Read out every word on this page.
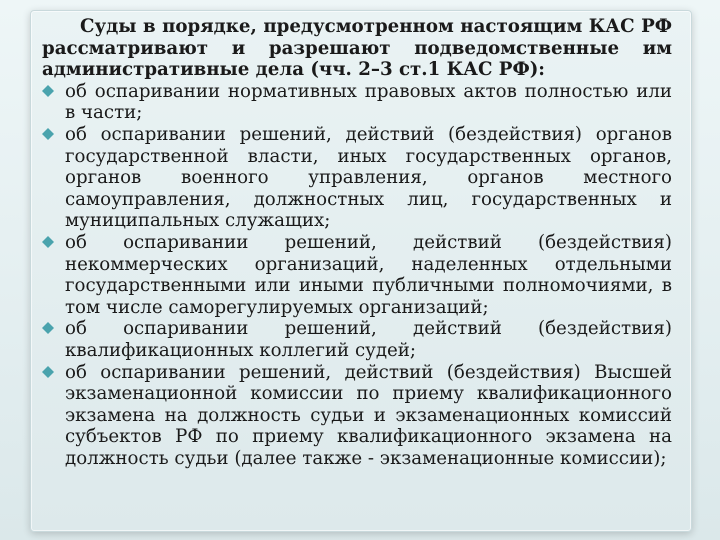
Суды в порядке, предусмотренном настоящим КАС РФ рассматривают и разрешают подведомственные им административные дела (чч. 2–3 ст.1 КАС РФ):

об оспаривании нормативных правовых актов полностью или в части;
об оспаривании решений, действий (бездействия) органов государственной власти, иных государственных органов, органов военного управления, органов местного самоуправления, должностных лиц, государственных и муниципальных служащих;
об оспаривании решений, действий (бездействия) некоммерческих организаций, наделенных отдельными государственными или иными публичными полномочиями, в том числе саморегулируемых организаций;
об оспаривании решений, действий (бездействия) квалификационных коллегий судей;
об оспаривании решений, действий (бездействия) Высшей экзаменационной комиссии по приему квалификационного экзамена на должность судьи и экзаменационных комиссий субъектов РФ по приему квалификационного экзамена на должность судьи (далее также - экзаменационные комиссии);
